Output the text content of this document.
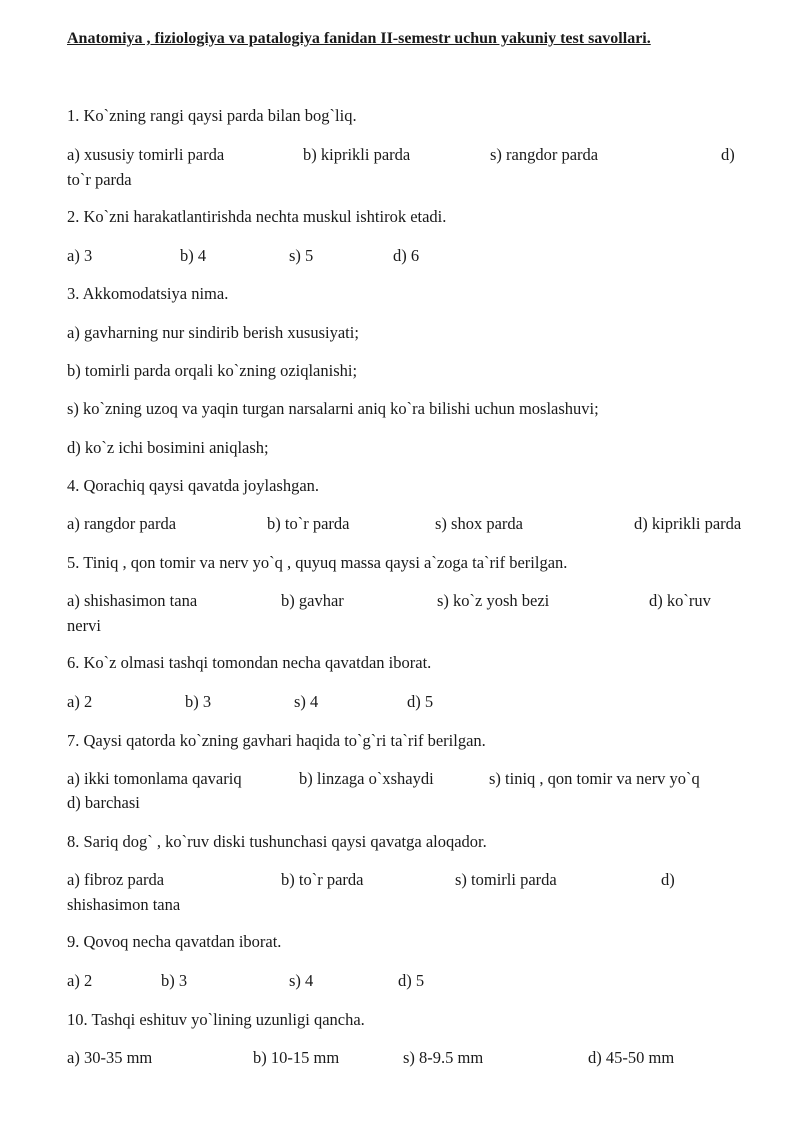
Anatomiya , fiziologiya va patalogiya fanidan II-semestr uchun yakuniy test savollari.
1. Ko`zning rangi qaysi parda bilan bog`liq.
a) xususiy tomirli parda	b) kiprikli parda	s) rangdor parda	d)
to`r parda
2. Ko`zni harakatlantirishda nechta muskul ishtirok etadi.
a) 3	b) 4	s) 5	d) 6
3. Akkomodatsiya nima.
a) gavharning nur sindirib berish xususiyati;
b) tomirli parda orqali ko`zning oziqlanishi;
s) ko`zning uzoq va yaqin turgan narsalarni aniq ko`ra bilishi uchun moslashuvi;
d) ko`z ichi bosimini aniqlash;
4. Qorachiq qaysi qavatda joylashgan.
a) rangdor parda	b) to`r parda	s) shox parda	d) kiprikli parda
5. Tiniq , qon tomir va nerv yo`q , quyuq massa qaysi a`zoga ta`rif berilgan.
a) shishasimon tana	b) gavhar	s) ko`z yosh bezi	d) ko`ruv
nervi
6. Ko`z olmasi tashqi tomondan necha qavatdan iborat.
a) 2	b) 3	s) 4	d) 5
7. Qaysi qatorda ko`zning gavhari haqida to`g`ri ta`rif berilgan.
a) ikki tomonlama qavariq	b) linzaga o`xshaydi	s) tiniq , qon tomir va nerv yo`q
d) barchasi
8. Sariq dog` , ko`ruv diski tushunchasi qaysi qavatga aloqador.
a) fibroz parda	b) to`r parda	s) tomirli parda	d)
shishasimon tana
9. Qovoq necha qavatdan iborat.
a) 2	b) 3	s) 4	d) 5
10. Tashqi eshituv yo`lining uzunligi qancha.
a) 30-35 mm	b) 10-15 mm	s) 8-9.5 mm	d) 45-50 mm
